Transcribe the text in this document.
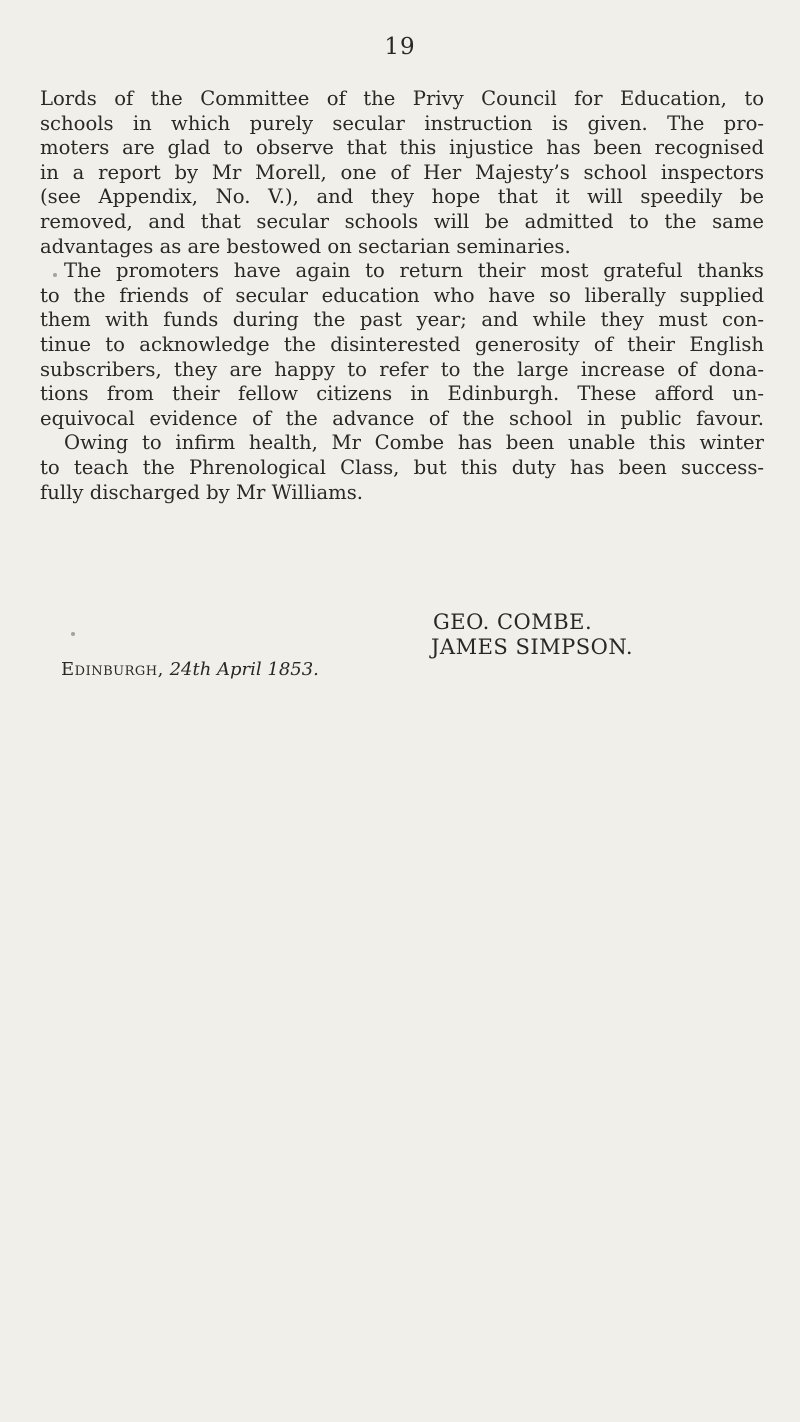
19
Lords of the Committee of the Privy Council for Education, to
schools in which purely secular instruction is given. The pro-
moters are glad to observe that this injustice has been recognised
in a report by Mr Morell, one of Her Majesty’s school inspectors
(see Appendix, No. V.), and they hope that it will speedily be
removed, and that secular schools will be admitted to the same
advantages as are bestowed on sectarian seminaries.
The promoters have again to return their most grateful thanks
to the friends of secular education who have so liberally supplied
them with funds during the past year; and while they must con-
tinue to acknowledge the disinterested generosity of their English
subscribers, they are happy to refer to the large increase of dona-
tions from their fellow citizens in Edinburgh. These afford un-
equivocal evidence of the advance of the school in public favour.
Owing to infirm health, Mr Combe has been unable this winter
to teach the Phrenological Class, but this duty has been success-
fully discharged by Mr Williams.
GEO. COMBE.
JAMES SIMPSON.
Edinburgh, 24th April 1853.
